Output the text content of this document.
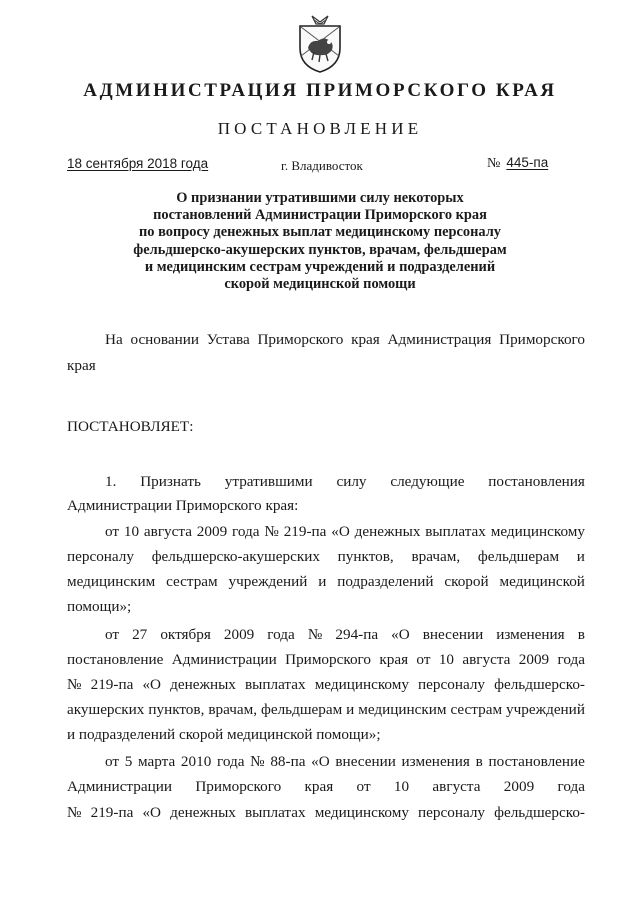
АДМИНИСТРАЦИЯ ПРИМОРСКОГО КРАЯ
ПОСТАНОВЛЕНИЕ
18 сентября 2018 года	г. Владивосток	№ 445-па
О признании утратившими силу некоторых
постановлений Администрации Приморского края
по вопросу денежных выплат медицинскому персоналу
фельдшерско-акушерских пунктов, врачам, фельдшерам
и медицинским сестрам учреждений и подразделений
скорой медицинской помощи
На основании Устава Приморского края Администрация Приморского
края
ПОСТАНОВЛЯЕТ:
1. Признать утратившими силу следующие постановления
Администрации Приморского края:
от 10 августа 2009 года № 219-па «О денежных выплатах медицинскому
персоналу фельдшерско-акушерских пунктов, врачам, фельдшерам и
медицинским сестрам учреждений и подразделений скорой медицинской
помощи»;
от 27 октября 2009 года № 294-па «О внесении изменения в
постановление Администрации Приморского края от 10 августа 2009 года
№ 219-па «О денежных выплатах медицинскому персоналу фельдшерско-
акушерских пунктов, врачам, фельдшерам и медицинским сестрам учреждений
и подразделений скорой медицинской помощи»;
от 5 марта 2010 года № 88-па «О внесении изменения в постановление
Администрации Приморского края от 10 августа 2009 года
№ 219-па «О денежных выплатах медицинскому персоналу фельдшерско-
